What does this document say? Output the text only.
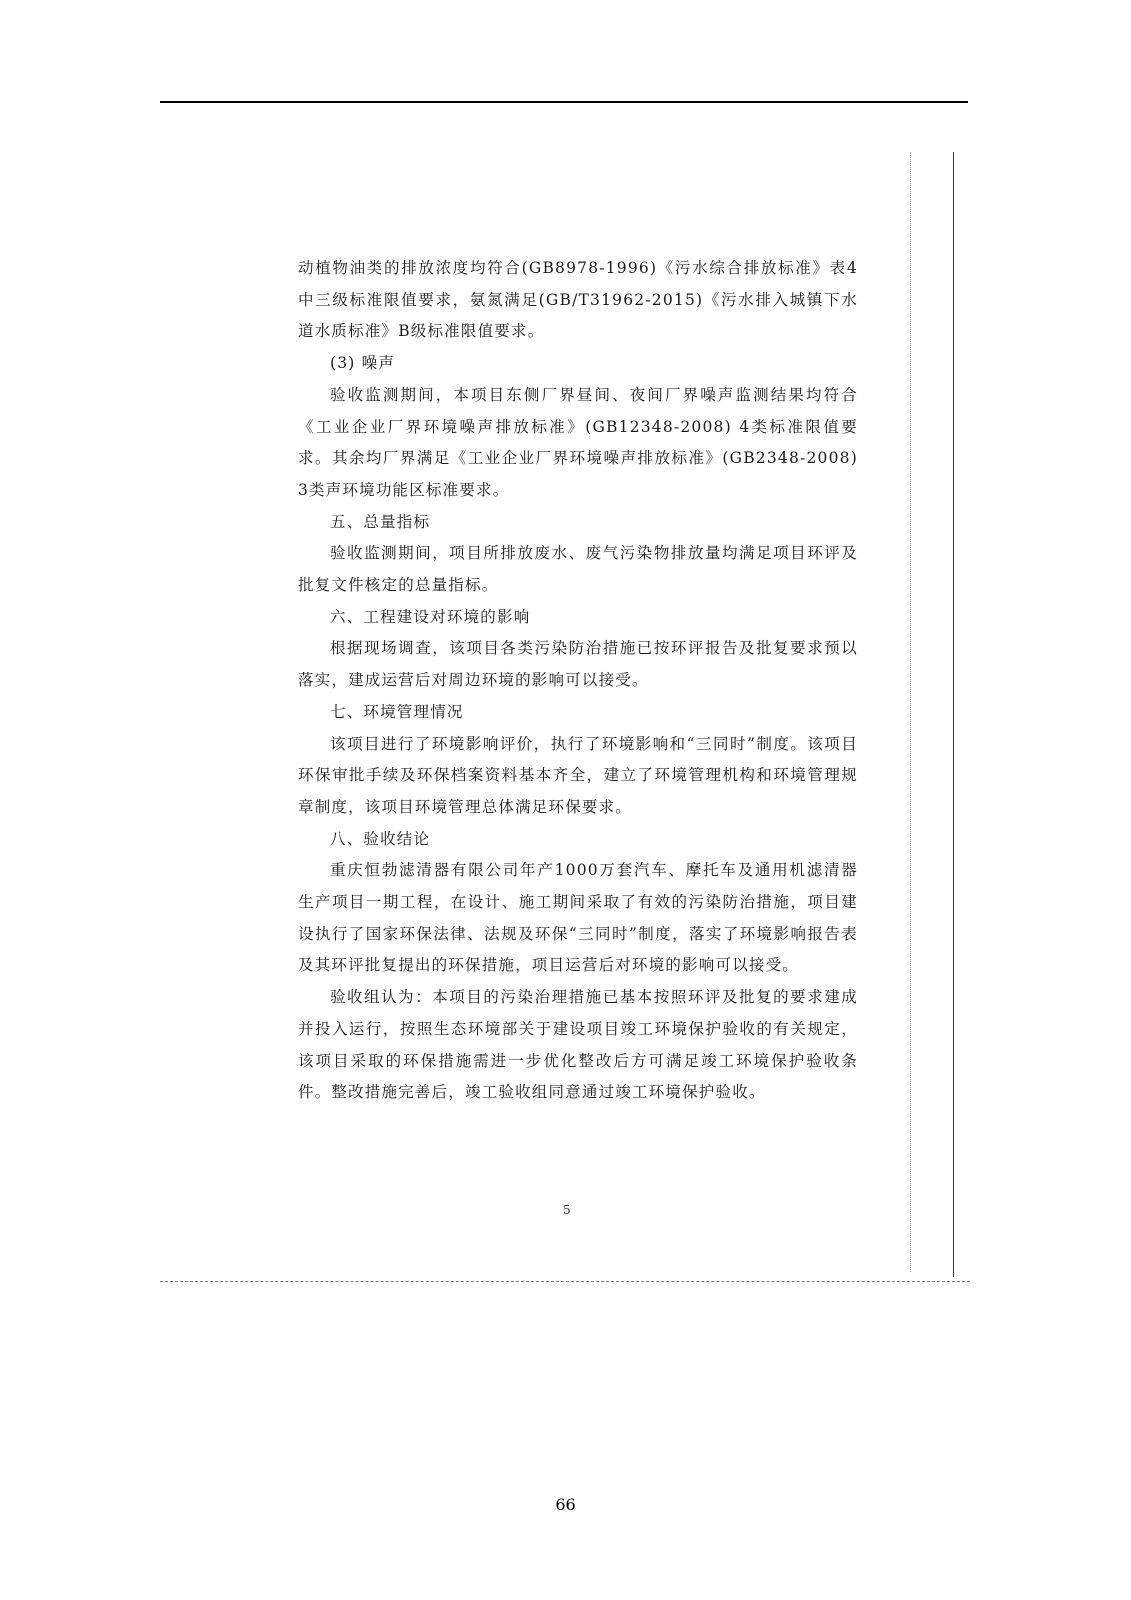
动植物油类的排放浓度均符合(GB8978-1996)《污水综合排放标准》表4中三级标准限值要求，氨氮满足(GB/T31962-2015)《污水排入城镇下水道水质标准》B级标准限值要求。

(3) 噪声

验收监测期间，本项目东侧厂界昼间、夜间厂界噪声监测结果均符合《工业企业厂界环境噪声排放标准》(GB12348-2008) 4类标准限值要求。其余均厂界满足《工业企业厂界环境噪声排放标准》(GB2348-2008) 3类声环境功能区标准要求。

五、总量指标

验收监测期间，项目所排放废水、废气污染物排放量均满足项目环评及批复文件核定的总量指标。

六、工程建设对环境的影响

根据现场调查，该项目各类污染防治措施已按环评报告及批复要求预以落实，建成运营后对周边环境的影响可以接受。

七、环境管理情况

该项目进行了环境影响评价，执行了环境影响和“三同时”制度。该项目环保审批手续及环保档案资料基本齐全，建立了环境管理机构和环境管理规章制度，该项目环境管理总体满足环保要求。

八、验收结论

重庆恒勃滤清器有限公司年产1000万套汽车、摩托车及通用机滤清器生产项目一期工程，在设计、施工期间采取了有效的污染防治措施，项目建设执行了国家环保法律、法规及环保“三同时”制度，落实了环境影响报告表及其环评批复提出的环保措施，项目运营后对环境的影响可以接受。

验收组认为：本项目的污染治理措施已基本按照环评及批复的要求建成并投入运行，按照生态环境部关于建设项目竣工环境保护验收的有关规定，该项目采取的环保措施需进一步优化整改后方可满足竣工环境保护验收条件。整改措施完善后，竣工验收组同意通过竣工环境保护验收。

5
66
